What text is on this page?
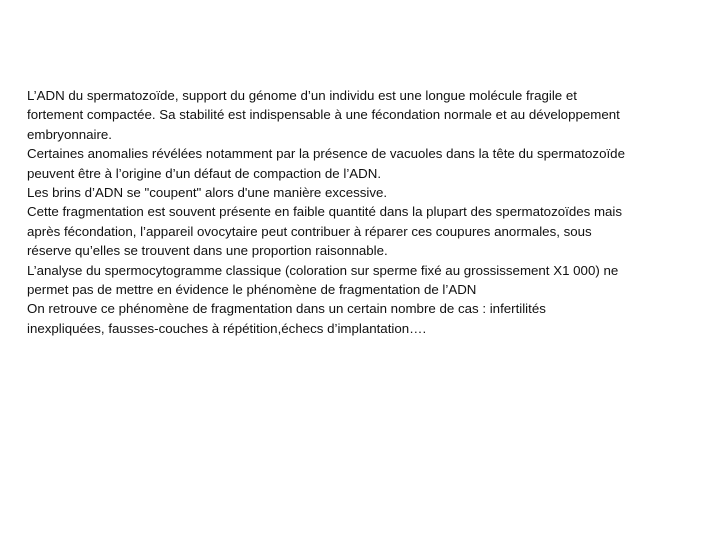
L’ADN du spermatozoïde, support du génome d’un individu est une longue molécule fragile et
fortement compactée. Sa stabilité est indispensable à une fécondation normale et au développement
embryonnaire.
Certaines anomalies révélées notamment par la présence de vacuoles dans la tête du spermatozoïde
peuvent être à l’origine d’un défaut de compaction de l’ADN.
Les brins d’ADN se "coupent" alors d'une manière excessive.
Cette fragmentation est souvent présente en faible quantité dans la plupart des spermatozoïdes mais
après fécondation, l’appareil ovocytaire peut contribuer à réparer ces coupures anormales, sous
réserve qu’elles se trouvent dans une proportion raisonnable.
L’analyse du spermocytogramme classique (coloration sur sperme fixé au grossissement X1 000) ne
permet pas de mettre en évidence le phénomène de fragmentation de l’ADN
On retrouve ce phénomène de fragmentation dans un certain nombre de cas : infertilités
inexpliquées, fausses-couches à répétition,échecs d’implantation….
